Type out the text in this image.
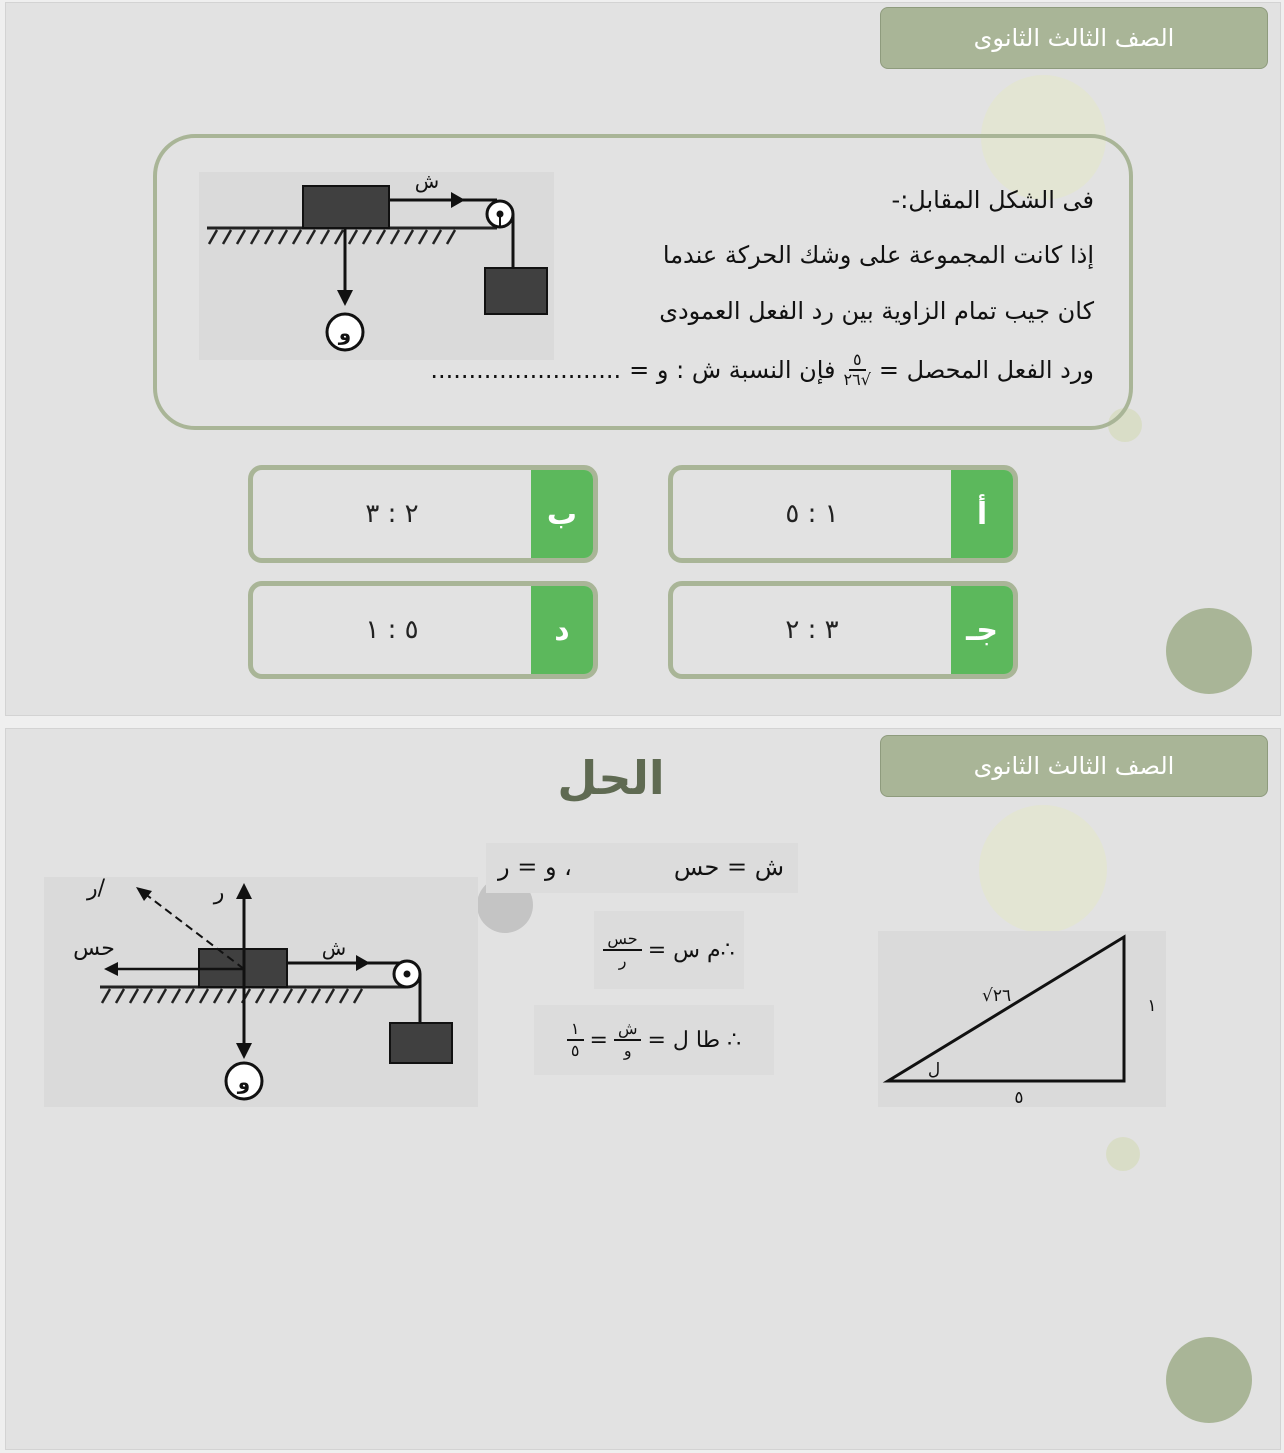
الصف الثالث الثانوى
ش
و
فى الشكل المقابل:-
إذا كانت المجموعة على وشك الحركة عندما
كان جيب تمام الزاوية بين رد الفعل العمودى
ورد الفعل المحصل =
٥
√٢٦
فإن النسبة ش : و =
.........................
أ
١ : ٥
ب
٢ : ٣
جـ
٣ : ٢
د
٥ : ١
الصف الثالث الثانوى
الحل
ش = حس
، و = ر
∴م س =
حس
ر
∴ طا ل =
ش
و
=
١
٥
ش
ر
حس
ر/
و
√٢٦	١
٥
ل
